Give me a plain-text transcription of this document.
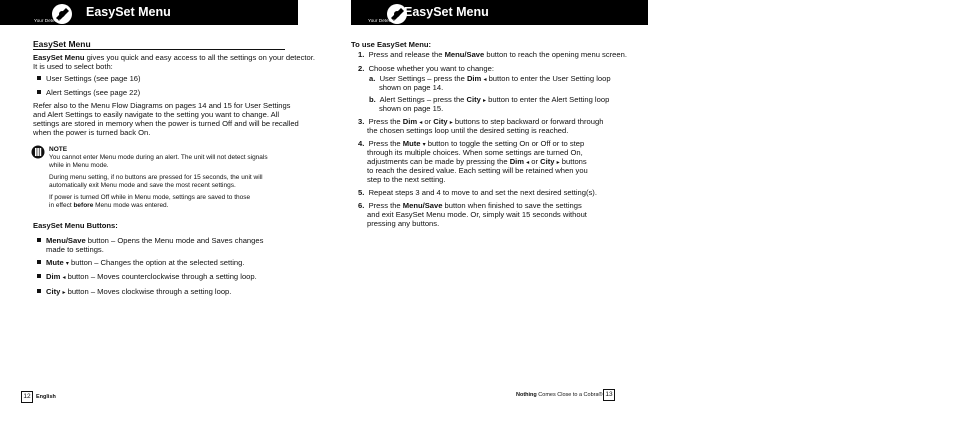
Your Detector
EasySet Menu
Your Detector
EasySet Menu
EasySet Menu
EasySet Menu gives you quick and easy access to all the settings on your detector.
It is used to select both:
User Settings (see page 16)
Alert Settings (see page 22)
Refer also to the Menu Flow Diagrams on pages 14 and 15 for User Settings
and Alert Settings to easily navigate to the setting you want to change. All
settings are stored in memory when the power is turned Off and will be recalled
when the power is turned back On.
NOTE
You cannot enter Menu mode during an alert. The unit will not detect signals
while in Menu mode.
During menu setting, if no buttons are pressed for 15 seconds, the unit will
automatically exit Menu mode and save the most recent settings.
If power is turned Off while in Menu mode, settings are saved to those
in effect before Menu mode was entered.
EasySet Menu Buttons:
Menu/Save button – Opens the Menu mode and Saves changes
made to settings.
Mute ▾ button – Changes the option at the selected setting.
Dim ◂ button – Moves counterclockwise through a setting loop.
City ▸ button – Moves clockwise through a setting loop.
12 English
To use EasySet Menu:
1. Press and release the Menu/Save button to reach the opening menu screen.
2. Choose whether you want to change:
a. User Settings – press the Dim ◂ button to enter the User Setting loop
shown on page 14.
b. Alert Settings – press the City ▸ button to enter the Alert Setting loop
shown on page 15.
3. Press the Dim ◂ or City ▸ buttons to step backward or forward through
the chosen settings loop until the desired setting is reached.
4. Press the Mute ▾ button to toggle the setting On or Off or to step
through its multiple choices. When some settings are turned On,
adjustments can be made by pressing the Dim ◂ or City ▸ buttons
to reach the desired value. Each setting will be retained when you
step to the next setting.
5. Repeat steps 3 and 4 to move to and set the next desired setting(s).
6. Press the Menu/Save button when finished to save the settings
and exit EasySet Menu mode. Or, simply wait 15 seconds without
pressing any buttons.
Nothing Comes Close to a Cobra® 13
